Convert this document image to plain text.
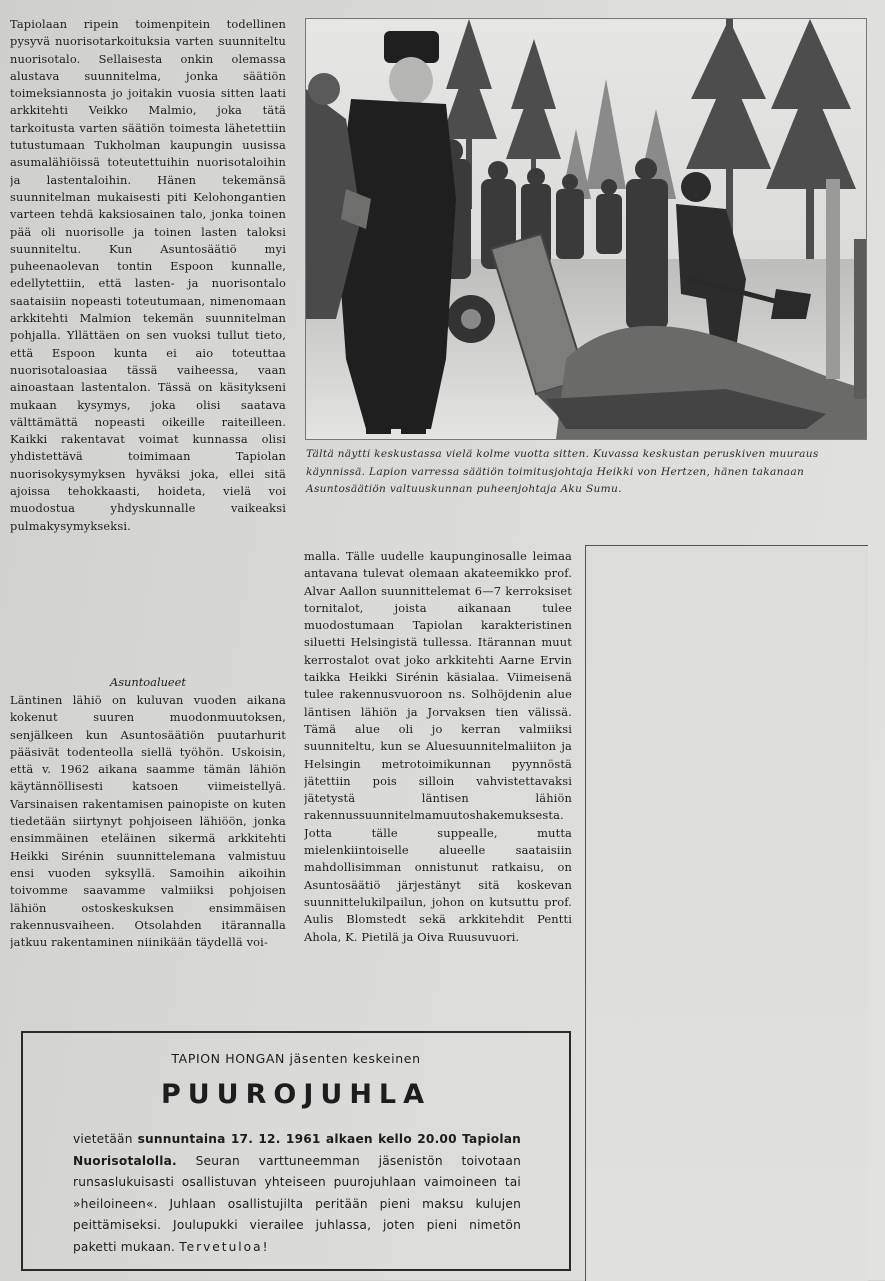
Tapiolaan ripein toimenpitein todellinen pysyvä nuorisotarkoituksia varten suunniteltu nuorisotalo. Sellaisesta onkin olemassa alustava suunnitelma, jonka säätiön toimeksiannosta jo joitakin vuosia sitten laati arkkitehti Veikko Malmio, joka tätä tarkoitusta varten säätiön toimesta lähetettiin tutustumaan Tukholman kaupungin uusissa asumalähiöissä toteutettuihin nuorisotaloihin ja lastentaloihin. Hänen tekemänsä suunnitelman mukaisesti piti Kelohongantien varteen tehdä kaksiosainen talo, jonka toinen pää oli nuorisolle ja toinen lasten taloksi suunniteltu. Kun Asuntosäätiö myi puheenaolevan tontin Espoon kunnalle, edellytettiin, että lasten- ja nuorisontalo saataisiin nopeasti toteutumaan, nimenomaan arkkitehti Malmion tekemän suunnitelman pohjalla. Yllättäen on sen vuoksi tullut tieto, että Espoon kunta ei aio toteuttaa nuorisotaloasiaa tässä vaiheessa, vaan ainoastaan lastentalon. Tässä on käsitykseni mukaan kysymys, joka olisi saatava välttämättä nopeasti oikeille raiteilleen. Kaikki rakentavat voimat kunnassa olisi yhdistettävä toimimaan Tapiolan nuorisokysymyksen hyväksi joka, ellei sitä ajoissa tehokkaasti, hoideta, vielä voi muodostua yhdyskunnalle vaikeaksi pulmakysymykseksi.

Asuntoalueet

Läntinen lähiö on kuluvan vuoden aikana kokenut suuren muodonmuutoksen, senjälkeen kun Asuntosäätiön puutarhurit pääsivät todenteolla siellä työhön. Uskoisin, että v. 1962 aikana saamme tämän lähiön käytännöllisesti katsoen viimeistellyä. Varsinaisen rakentamisen painopiste on kuten tiedetään siirtynyt pohjoiseen lähiöön, jonka ensimmäinen eteläinen sikermä arkkitehti Heikki Sirénin suunnittelemana valmistuu ensi vuoden syksyllä. Samoihin aikoihin toivomme saavamme valmiiksi pohjoisen lähiön ostoskeskuksen ensimmäisen rakennusvaiheen. Otsolahden itärannalla jatkuu rakentaminen niinikään täydellä voi-

malla. Tälle uudelle kaupunginosalle leimaa antavana tulevat olemaan akateemikko prof. Alvar Aallon suunnittelemat 6—7 kerroksiset tornitalot, joista aikanaan tulee muodostumaan Tapiolan karakteristinen siluetti Helsingistä tullessa. Itärannan muut kerrostalot ovat joko arkkitehti Aarne Ervin taikka Heikki Sirénin käsialaa. Viimeisenä tulee rakennusvuoroon ns. Solhöjdenin alue läntisen lähiön ja Jorvaksen tien välissä. Tämä alue oli jo kerran valmiiksi suunniteltu, kun se Aluesuunnitelmaliiton ja Helsingin metrotoimikunnan pyynnöstä jätettiin pois silloin vahvistettavaksi jätetystä läntisen lähiön rakennussuunnitelmamuutoshakemuksesta. Jotta tälle suppealle, mutta mielenkiintoiselle alueelle saataisiin mahdollisimman onnistunut ratkaisu, on Asuntosäätiö järjestänyt sitä koskevan suunnittelukilpailun, johon on kutsuttu prof. Aulis Blomstedt sekä arkkitehdit Pentti Ahola, K. Pietilä ja Oiva Ruusuvuori.

Tältä näytti keskustassa vielä kolme vuotta sitten. Kuvassa keskustan peruskiven muuraus käynnissä. Lapion varressa säätiön toimitusjohtaja Heikki von Hertzen, hänen takanaan Asuntosäätiön valtuuskunnan puheenjohtaja Aku Sumu.
TAPION HONGAN jäsenten keskeinen
PUUROJUHLA
vietetään sunnuntaina 17. 12. 1961 alkaen kello 20.00 Tapiolan Nuorisotalolla. Seuran varttuneemman jäsenistön toivotaan runsaslukuisasti osallistuvan yhteiseen puurojuhlaan vaimoineen tai »heiloineen«. Juhlaan osallistujilta peritään pieni maksu kulujen peittämiseksi. Joulupukki vierailee juhlassa, joten pieni nimetön paketti mukaan. Tervetuloa!
